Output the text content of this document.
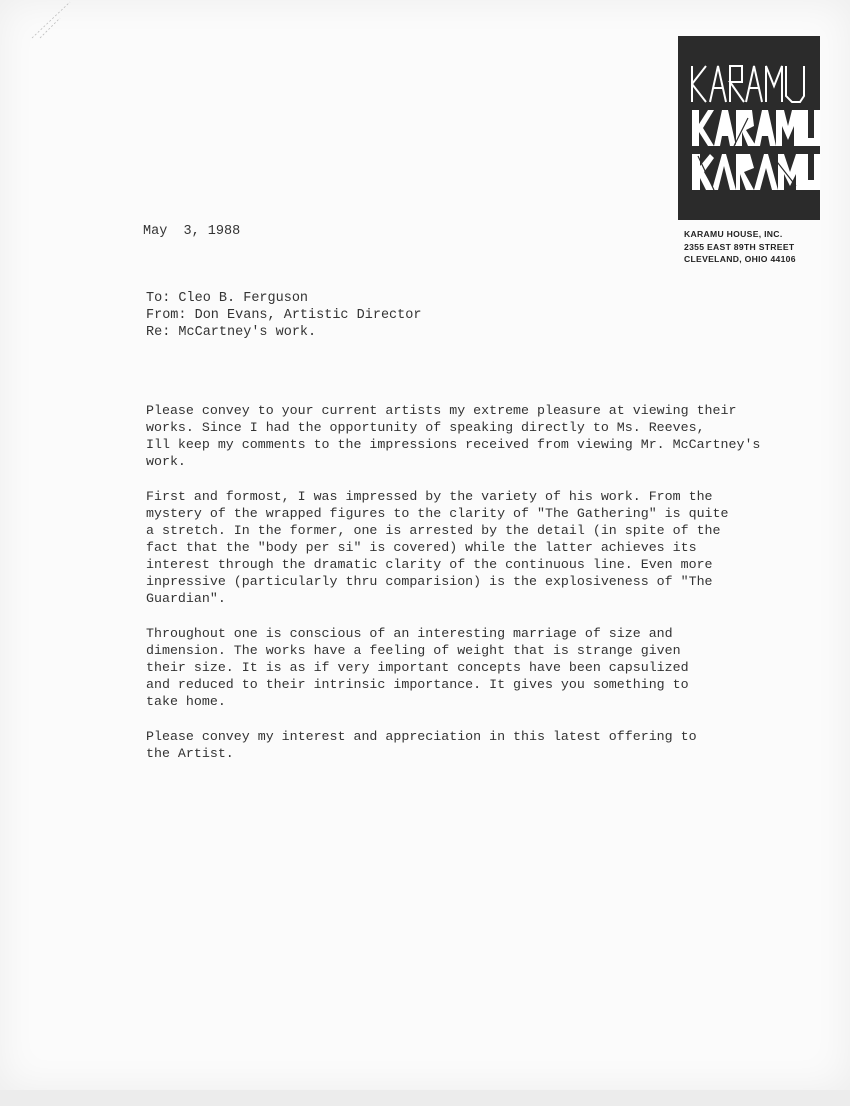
KARAMU HOUSE, INC.
2355 EAST 89TH STREET
CLEVELAND, OHIO 44106
May  3, 1988
To: Cleo B. Ferguson
From: Don Evans, Artistic Director
Re: McCartney's work.
Please convey to your current artists my extreme pleasure at viewing their
works. Since I had the opportunity of speaking directly to Ms. Reeves,
Ill keep my comments to the impressions received from viewing Mr. McCartney's
work.
First and formost, I was impressed by the variety of his work. From the
mystery of the wrapped figures to the clarity of "The Gathering" is quite
a stretch. In the former, one is arrested by the detail (in spite of the
fact that the "body per si" is covered) while the latter achieves its
interest through the dramatic clarity of the continuous line. Even more
inpressive (particularly thru comparision) is the explosiveness of "The
Guardian".
Throughout one is conscious of an interesting marriage of size and
dimension. The works have a feeling of weight that is strange given
their size. It is as if very important concepts have been capsulized
and reduced to their intrinsic importance. It gives you something to
take home.
Please convey my interest and appreciation in this latest offering to
the Artist.
